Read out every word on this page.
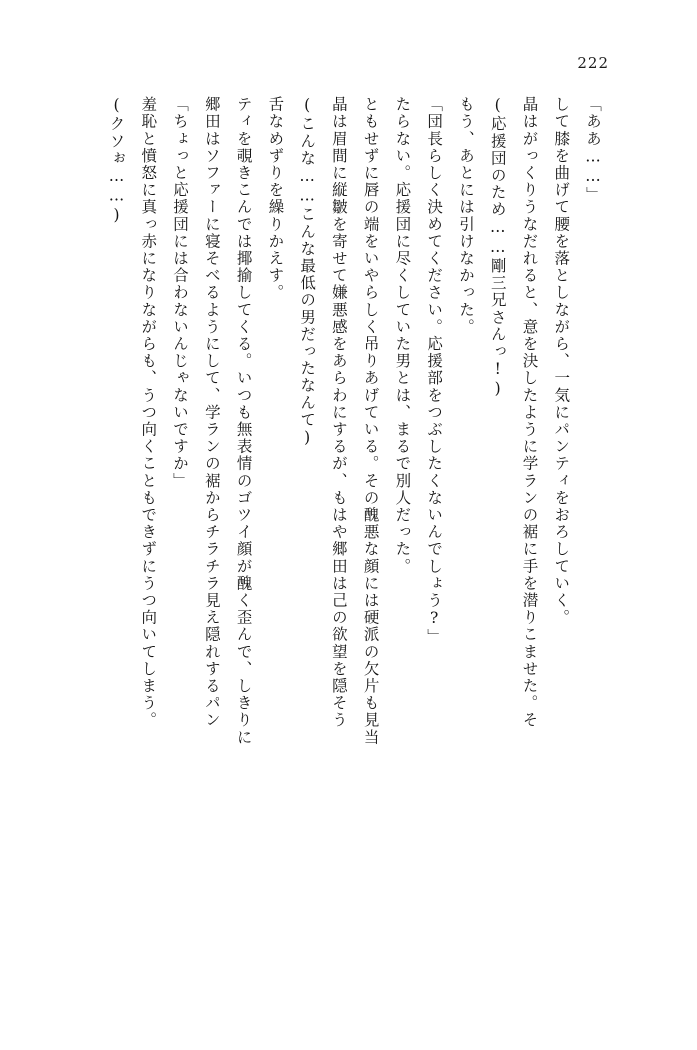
222

「ああ……」

して膝を曲げて腰を落としながら、一気にパンティをおろしていく。

晶はがっくりうなだれると、意を決したように学ランの裾に手を潜りこませた。そ

(応援団のため……剛三兄さんっ!)

もう、あとには引けなかった。

「団長らしく決めてください。応援部をつぶしたくないんでしょう?」

たらない。応援団に尽くしていた男とは、まるで別人だった。

ともせずに唇の端をいやらしく吊りあげている。その醜悪な顔には硬派の欠片も見当

晶は眉間に縦皺を寄せて嫌悪感をあらわにするが、もはや郷田は己の欲望を隠そう

(こんな……こんな最低の男だったなんて)

舌なめずりを繰りかえす。

ティを覗きこんでは揶揄してくる。いつも無表情のゴツイ顔が醜く歪んで、しきりに

郷田はソファーに寝そべるようにして、学ランの裾からチラチラ見え隠れするパン

「ちょっと応援団には合わないんじゃないですか」

羞恥と憤怒に真っ赤になりながらも、うつ向くこともできずにうつ向いてしまう。

(クソぉ……)
